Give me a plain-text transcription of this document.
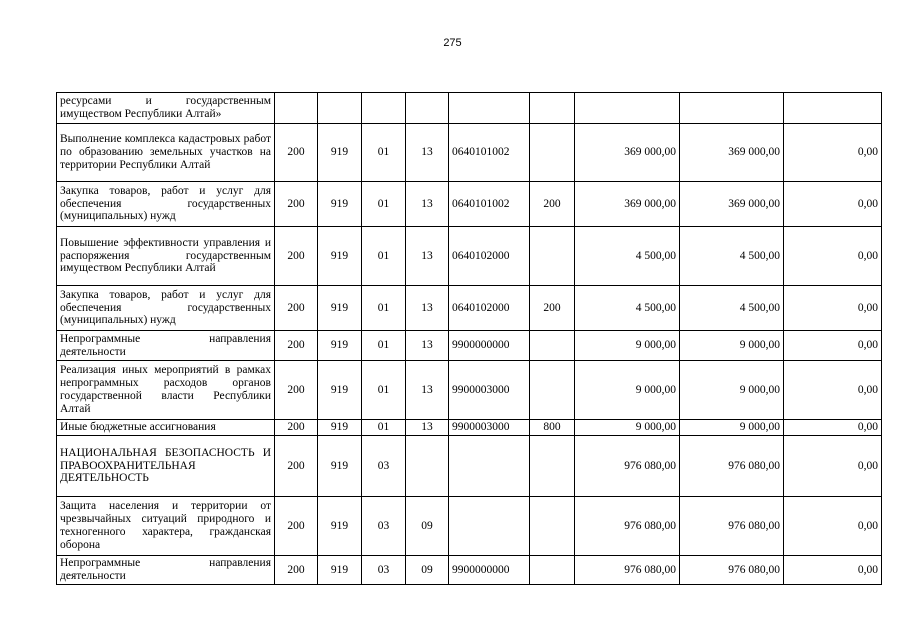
275
ресурсами и государственным имуществом Республики Алтай»									
Выполнение комплекса кадастровых работ по образованию земельных участков на территории Республики Алтай	200	919	01	13	0640101002		369 000,00	369 000,00	0,00
Закупка товаров, работ и услуг для обеспечения государственных (муниципальных) нужд	200	919	01	13	0640101002	200	369 000,00	369 000,00	0,00
Повышение эффективности управления и распоряжения государственным имуществом Республики Алтай	200	919	01	13	0640102000		4 500,00	4 500,00	0,00
Закупка товаров, работ и услуг для обеспечения государственных (муниципальных) нужд	200	919	01	13	0640102000	200	4 500,00	4 500,00	0,00
Непрограммные направления деятельности	200	919	01	13	9900000000		9 000,00	9 000,00	0,00
Реализация иных мероприятий в рамках непрограммных расходов органов государственной власти Республики Алтай	200	919	01	13	9900003000		9 000,00	9 000,00	0,00
Иные бюджетные ассигнования	200	919	01	13	9900003000	800	9 000,00	9 000,00	0,00
НАЦИОНАЛЬНАЯ БЕЗОПАСНОСТЬ И ПРАВООХРАНИТЕЛЬНАЯ ДЕЯТЕЛЬНОСТЬ	200	919	03				976 080,00	976 080,00	0,00
Защита населения и территории от чрезвычайных ситуаций природного и техногенного характера, гражданская оборона	200	919	03	09			976 080,00	976 080,00	0,00
Непрограммные направления деятельности	200	919	03	09	9900000000		976 080,00	976 080,00	0,00
